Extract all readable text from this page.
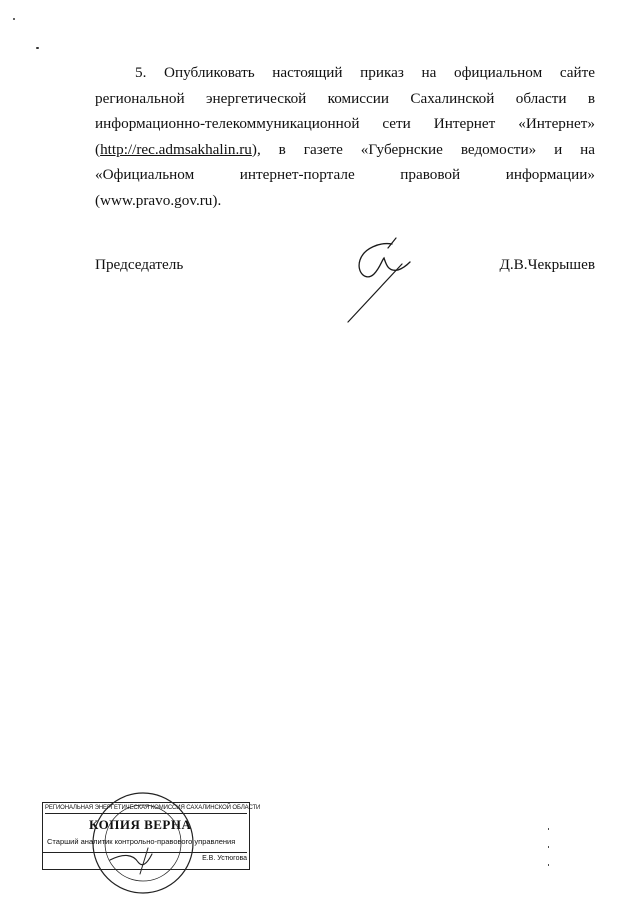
5. Опубликовать настоящий приказ на официальном сайте региональной энергетической комиссии Сахалинской области в информационно-телекоммуникационной сети Интернет «Интернет» (http://rec.admsakhalin.ru), в газете «Губернские ведомости» и на «Официальном интернет-портале правовой информации» (www.pravo.gov.ru).

Председатель	Д.В.Чекрышев
РЕГИОНАЛЬНАЯ ЭНЕРГЕТИЧЕСКАЯ КОМИССИЯ САХАЛИНСКОЙ ОБЛАСТИ
КОПИЯ ВЕРНА
Старший аналитик контрольно-правового управления
Е.В. Устюгова
